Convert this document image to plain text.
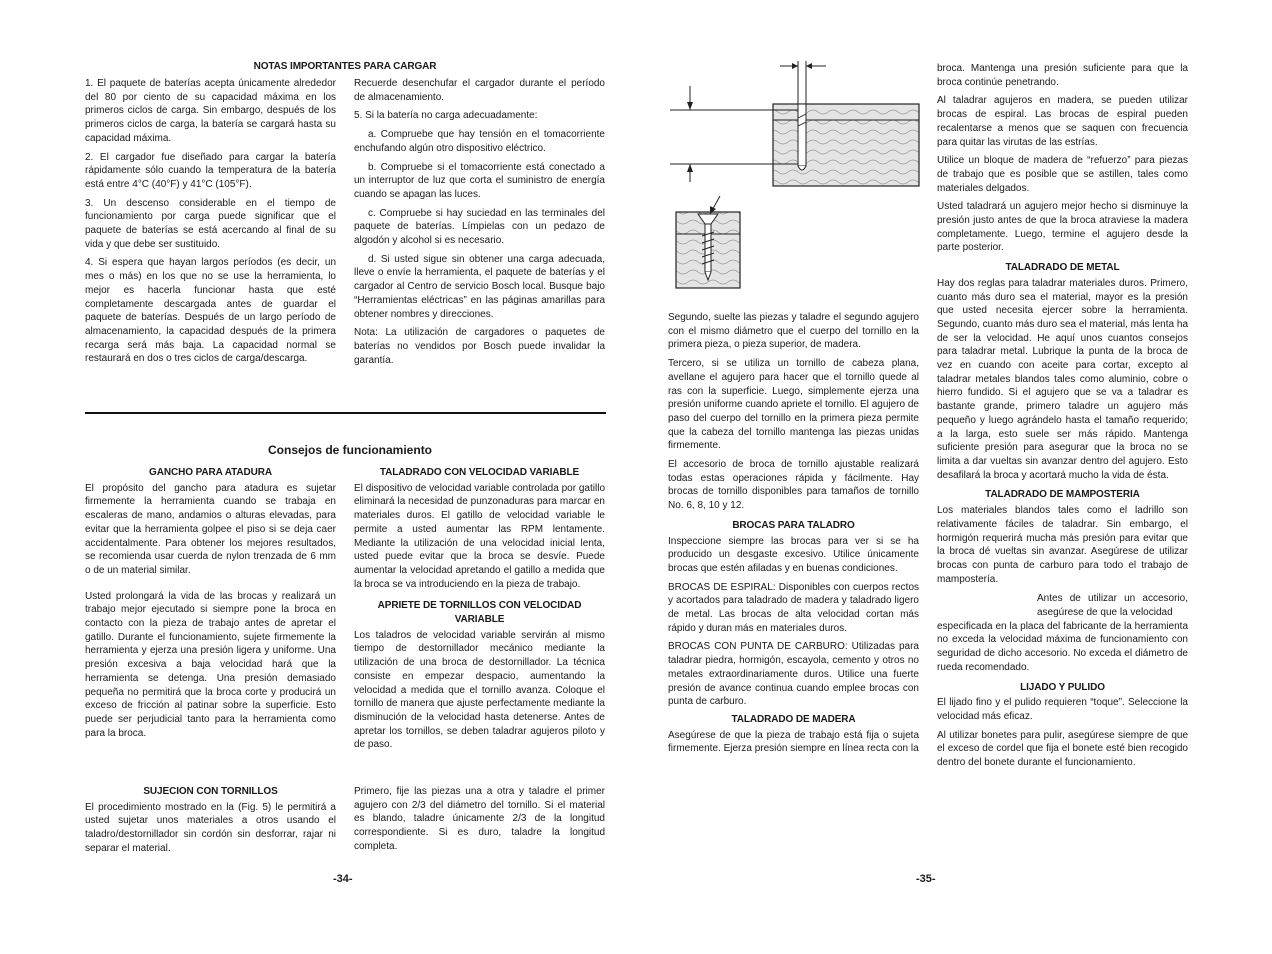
NOTAS IMPORTANTES PARA CARGAR

1. El paquete de baterías acepta únicamente alrededor del 80 por ciento de su capacidad máxima en los primeros ciclos de carga. Sin embargo, después de los primeros ciclos de carga, la batería se cargará hasta su capacidad máxima.

2. El cargador fue diseñado para cargar la batería rápidamente sólo cuando la temperatura de la batería está entre 4°C (40°F) y 41°C (105°F).

3. Un descenso considerable en el tiempo de funcionamiento por carga puede significar que el paquete de baterías se está acercando al final de su vida y que debe ser sustituido.

4. Si espera que hayan largos períodos (es decir, un mes o más) en los que no se use la herramienta, lo mejor es hacerla funcionar hasta que esté completamente descargada antes de guardar el paquete de baterías. Después de un largo período de almacenamiento, la capacidad después de la primera recarga será más baja. La capacidad normal se restaurará en dos o tres ciclos de carga/descarga.

Recuerde desenchufar el cargador durante el período de almacenamiento.

5. Si la batería no carga adecuadamente:

a. Compruebe que hay tensión en el tomacorriente enchufando algún otro dispositivo eléctrico.

b. Compruebe si el tomacorriente está conectado a un interruptor de luz que corta el suministro de energía cuando se apagan las luces.

c. Compruebe si hay suciedad en las terminales del paquete de baterías. Límpielas con un pedazo de algodón y alcohol si es necesario.

d. Si usted sigue sin obtener una carga adecuada, lleve o envíe la herramienta, el paquete de baterías y el cargador al Centro de servicio Bosch local. Busque bajo “Herramientas eléctricas” en las páginas amarillas para obtener nombres y direcciones.

Nota: La utilización de cargadores o paquetes de baterías no vendidos por Bosch puede invalidar la garantía.

Consejos de funcionamiento
GANCHO PARA ATADURA

El propósito del gancho para atadura es sujetar firmemente la herramienta cuando se trabaja en escaleras de mano, andamios o alturas elevadas, para evitar que la herramienta golpee el piso si se deja caer accidentalmente. Para obtener los mejores resultados, se recomienda usar cuerda de nylon trenzada de 6 mm o de un material similar.

Usted prolongará la vida de las brocas y realizará un trabajo mejor ejecutado si siempre pone la broca en contacto con la pieza de trabajo antes de apretar el gatillo. Durante el funcionamiento, sujete firmemente la herramienta y ejerza una presión ligera y uniforme. Una presión excesiva a baja velocidad hará que la herramienta se detenga. Una presión demasiado pequeña no permitirá que la broca corte y producirá un exceso de fricción al patinar sobre la superficie. Esto puede ser perjudicial tanto para la herramienta como para la broca.

TALADRADO CON VELOCIDAD VARIABLE

El dispositivo de velocidad variable controlada por gatillo eliminará la necesidad de punzonaduras para marcar en materiales duros. El gatillo de velocidad variable le permite a usted aumentar las RPM lentamente. Mediante la utilización de una velocidad inicial lenta, usted puede evitar que la broca se desvíe. Puede aumentar la velocidad apretando el gatillo a medida que la broca se va introduciendo en la pieza de trabajo.

APRIETE DE TORNILLOS CON VELOCIDAD VARIABLE

Los taladros de velocidad variable servirán al mismo tiempo de destornillador mecánico mediante la utilización de una broca de destornillador. La técnica consiste en empezar despacio, aumentando la velocidad a medida que el tornillo avanza. Coloque el tornillo de manera que ajuste perfectamente mediante la disminución de la velocidad hasta detenerse. Antes de apretar los tornillos, se deben taladrar agujeros piloto y de paso.

SUJECION CON TORNILLOS

El procedimiento mostrado en la (Fig. 5) le permitirá a usted sujetar unos materiales a otros usando el taladro/destornillador sin cordón sin desforrar, rajar ni separar el material.

Primero, fije las piezas una a otra y taladre el primer agujero con 2/3 del diámetro del tornillo. Si el material es blando, taladre únicamente 2/3 de la longitud correspondiente. Si es duro, taladre la longitud completa.

-34-

Segundo, suelte las piezas y taladre el segundo agujero con el mismo diámetro que el cuerpo del tornillo en la primera pieza, o pieza superior, de madera.

Tercero, si se utiliza un tornillo de cabeza plana, avellane el agujero para hacer que el tornillo quede al ras con la superficie. Luego, simplemente ejerza una presión uniforme cuando apriete el tornillo. El agujero de paso del cuerpo del tornillo en la primera pieza permite que la cabeza del tornillo mantenga las piezas unidas firmemente.

El accesorio de broca de tornillo ajustable realizará todas estas operaciones rápida y fácilmente. Hay brocas de tornillo disponibles para tamaños de tornillo No. 6, 8, 10 y 12.

BROCAS PARA TALADRO

Inspeccione siempre las brocas para ver si se ha producido un desgaste excesivo. Utilice únicamente brocas que estén afiladas y en buenas condiciones.

BROCAS DE ESPIRAL: Disponibles con cuerpos rectos y acortados para taladrado de madera y taladrado ligero de metal. Las brocas de alta velocidad cortan más rápido y duran más en materiales duros.

BROCAS CON PUNTA DE CARBURO: Utilizadas para taladrar piedra, hormigón, escayola, cemento y otros no metales extraordinariamente duros. Utilice una fuerte presión de avance continua cuando emplee brocas con punta de carburo.

TALADRADO DE MADERA

Asegúrese de que la pieza de trabajo está fija o sujeta firmemente. Ejerza presión siempre en línea recta con la

broca. Mantenga una presión suficiente para que la broca continúe penetrando.

Al taladrar agujeros en madera, se pueden utilizar brocas de espiral. Las brocas de espiral pueden recalentarse a menos que se saquen con frecuencia para quitar las virutas de las estrías.

Utilice un bloque de madera de “refuerzo” para piezas de trabajo que es posible que se astillen, tales como materiales delgados.

Usted taladrará un agujero mejor hecho si disminuye la presión justo antes de que la broca atraviese la madera completamente. Luego, termine el agujero desde la parte posterior.

TALADRADO DE METAL

Hay dos reglas para taladrar materiales duros. Primero, cuanto más duro sea el material, mayor es la presión que usted necesita ejercer sobre la herramienta. Segundo, cuanto más duro sea el material, más lenta ha de ser la velocidad. He aquí unos cuantos consejos para taladrar metal. Lubrique la punta de la broca de vez en cuando con aceite para cortar, excepto al taladrar metales blandos tales como aluminio, cobre o hierro fundido. Si el agujero que se va a taladrar es bastante grande, primero taladre un agujero más pequeño y luego agrándelo hasta el tamaño requerido; a la larga, esto suele ser más rápido. Mantenga suficiente presión para asegurar que la broca no se limita a dar vueltas sin avanzar dentro del agujero. Esto desafilará la broca y acortará mucho la vida de ésta.

TALADRADO DE MAMPOSTERIA

Los materiales blandos tales como el ladrillo son relativamente fáciles de taladrar. Sin embargo, el hormigón requerirá mucha más presión para evitar que la broca dé vueltas sin avanzar. Asegúrese de utilizar brocas con punta de carburo para todo el trabajo de mampostería.

Antes de utilizar un accesorio, asegúrese de que la velocidad

especificada en la placa del fabricante de la herramienta no exceda la velocidad máxima de funcionamiento con seguridad de dicho accesorio. No exceda el diámetro de rueda recomendado.

LIJADO Y PULIDO

El lijado fino y el pulido requieren “toque”. Seleccione la velocidad más eficaz.

Al utilizar bonetes para pulir, asegúrese siempre de que el exceso de cordel que fija el bonete esté bien recogido dentro del bonete durante el funcionamiento.

-35-
